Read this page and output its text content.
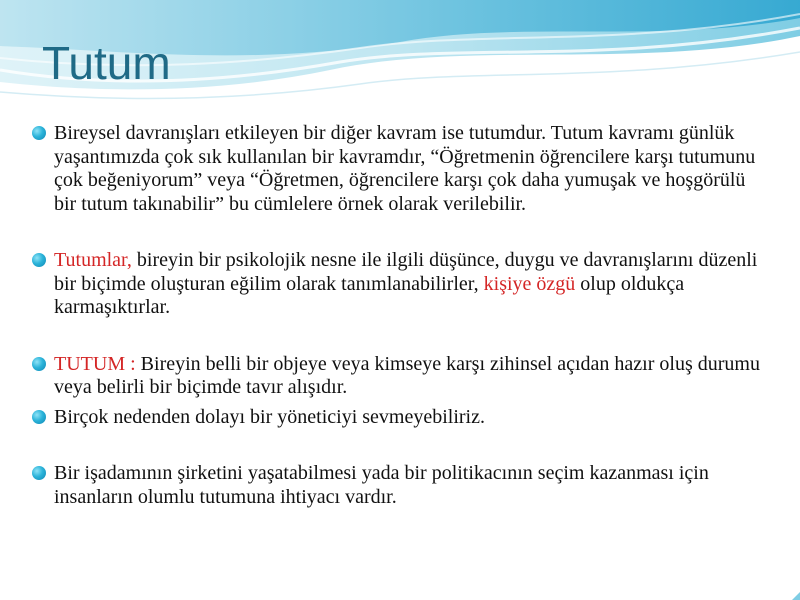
Tutum
Bireysel davranışları etkileyen bir diğer kavram ise tutumdur. Tutum kavramı günlük yaşantımızda çok sık kullanılan bir kavramdır, “Öğretmenin öğrencilere karşı tutumunu çok beğeniyorum” veya “Öğretmen, öğrencilere karşı çok daha yumuşak ve hoşgörülü bir tutum takınabilir” bu cümlelere örnek olarak verilebilir.
Tutumlar, bireyin bir psikolojik nesne ile ilgili düşünce, duygu ve davranışlarını düzenli bir biçimde oluşturan eğilim olarak tanımlanabilirler, kişiye özgü olup oldukça karmaşıktırlar.
TUTUM : Bireyin belli bir objeye veya kimseye karşı zihinsel açıdan hazır oluş durumu veya belirli bir biçimde tavır alışıdır.
Birçok nedenden dolayı bir yöneticiyi sevmeyebiliriz.
Bir işadamının şirketini yaşatabilmesi yada bir politikacının seçim kazanması için insanların olumlu tutumuna ihtiyacı vardır.
